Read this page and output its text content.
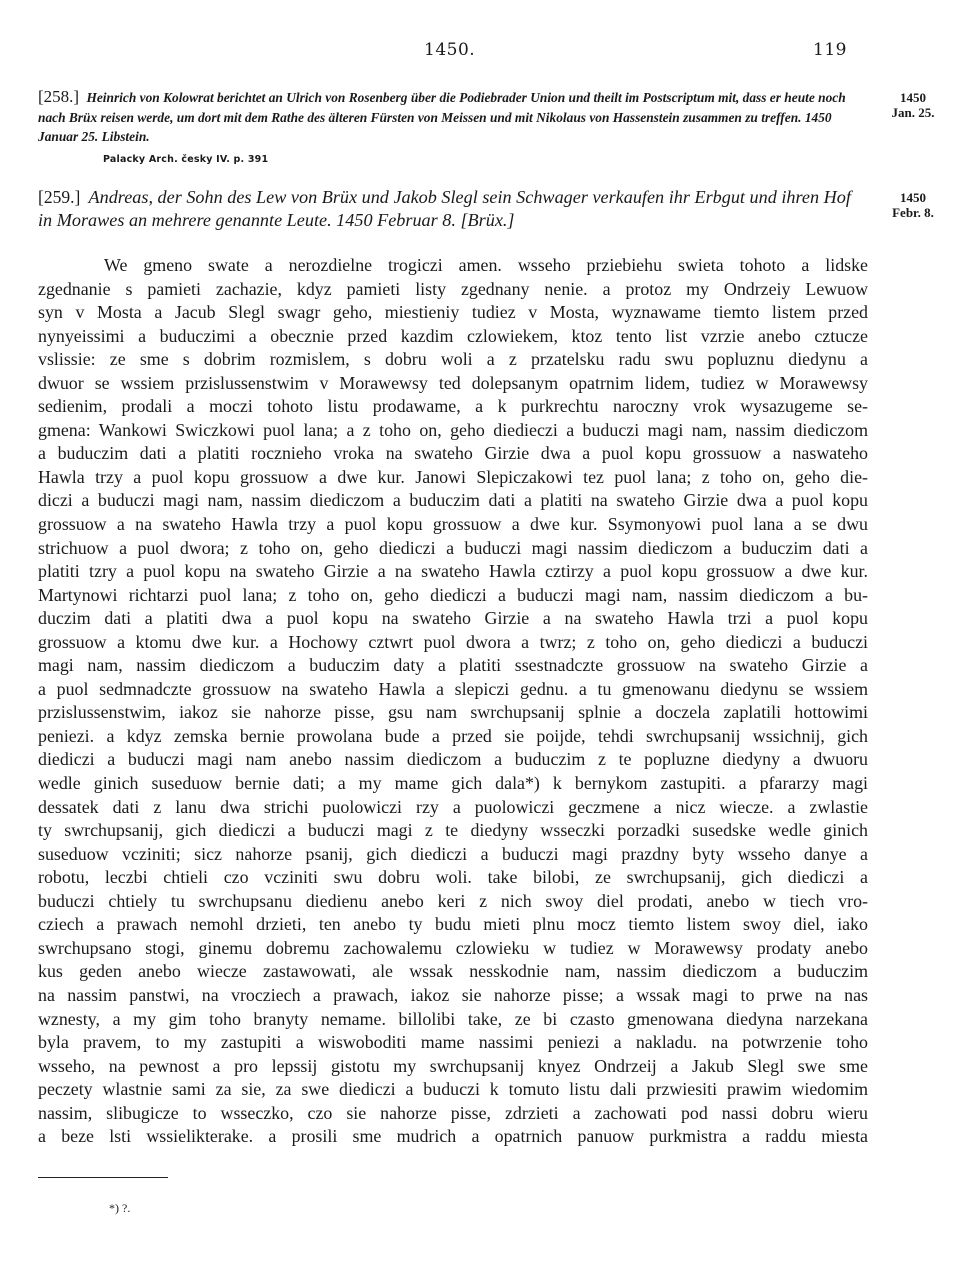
1450.	119
[258.] Heinrich von Kolowrat berichtet an Ulrich von Rosenberg über die Podiebrader Union und theilt im Postscriptum mit, dass er heute noch nach Brüx reisen werde, um dort mit dem Rathe des älteren Fürsten von Meissen und mit Nikolaus von Hassenstein zusammen zu treffen. 1450 Januar 25. Libstein.
Palacky Arch. česky IV. p. 391
1450
Jan. 25.
[259.] Andreas, der Sohn des Lew von Brüx und Jakob Slegl sein Schwager verkaufen ihr Erbgut und ihren Hof in Morawes an mehrere genannte Leute. 1450 Februar 8. [Brüx.]
1450
Febr. 8.
We gmeno swate a nerozdielne trogiczi amen. wsseho prziebiehu swieta tohoto a lidske
zgednanie s pamieti zachazie, kdyz pamieti listy zgednany nenie. a protoz my Ondrzeiy Lewuow
syn v Mosta a Jacub Slegl swagr geho, miestieniy tudiez v Mosta, wyznawame tiemto listem przed
nynyeissimi a buduczimi a obecznie przed kazdim czlowiekem, ktoz tento list vzrzie anebo cztucze
vslissie: ze sme s dobrim rozmislem, s dobru woli a z przatelsku radu swu popluznu diedynu a
dwuor se wssiem przislussenstwim v Morawewsy ted dolepsanym opatrnim lidem, tudiez w Morawewsy
sedienim, prodali a moczi tohoto listu prodawame, a k purkrechtu naroczny vrok wysazugeme se-
gmena: Wankowi Swiczkowi puol lana; a z toho on, geho diedieczi a buduczi magi nam, nassim diediczom
a buduczim dati a platiti rocznieho vroka na swateho Girzie dwa a puol kopu grossuow a naswateho
Hawla trzy a puol kopu grossuow a dwe kur. Janowi Slepiczakowi tez puol lana; z toho on, geho die-
diczi a buduczi magi nam, nassim diediczom a buduczim dati a platiti na swateho Girzie dwa a puol kopu
grossuow a na swateho Hawla trzy a puol kopu grossuow a dwe kur. Ssymonyowi puol lana a se dwu
strichuow a puol dwora; z toho on, geho diediczi a buduczi magi nassim diediczom a buduczim dati a
platiti tzry a puol kopu na swateho Girzie a na swateho Hawla cztirzy a puol kopu grossuow a dwe kur.
Martynowi richtarzi puol lana; z toho on, geho diediczi a buduczi magi nam, nassim diediczom a bu-
duczim dati a platiti dwa a puol kopu na swateho Girzie a na swateho Hawla trzi a puol kopu
grossuow a ktomu dwe kur. a Hochowy cztwrt puol dwora a twrz; z toho on, geho diediczi a buduczi
magi nam, nassim diediczom a buduczim daty a platiti ssestnadczte grossuow na swateho Girzie a
a puol sedmnadczte grossuow na swateho Hawla a slepiczi gednu. a tu gmenowanu diedynu se wssiem
przislussenstwim, iakoz sie nahorze pisse, gsu nam swrchupsanij splnie a doczela zaplatili hottowimi
peniezi. a kdyz zemska bernie prowolana bude a przed sie poijde, tehdi swrchupsanij wssichnij, gich
diediczi a buduczi magi nam anebo nassim diediczom a buduczim z te popluzne diedyny a dwuoru
wedle ginich suseduow bernie dati; a my mame gich dala*) k bernykom zastupiti. a pfararzy magi
dessatek dati z lanu dwa strichi puolowiczi rzy a puolowiczi geczmene a nicz wiecze. a zwlastie
ty swrchupsanij, gich diediczi a buduczi magi z te diedyny wsseczki porzadki susedske wedle ginich
suseduow vcziniti; sicz nahorze psanij, gich diediczi a buduczi magi prazdny byty wsseho danye a
robotu, leczbi chtieli czo vcziniti swu dobru woli. take bilobi, ze swrchupsanij, gich diediczi a
buduczi chtiely tu swrchupsanu diedienu anebo keri z nich swoy diel prodati, anebo w tiech vro-
cziech a prawach nemohl drzieti, ten anebo ty budu mieti plnu mocz tiemto listem swoy diel, iako
swrchupsano stogi, ginemu dobremu zachowalemu czlowieku w tudiez w Morawewsy prodaty anebo
kus geden anebo wiecze zastawowati, ale wssak nesskodnie nam, nassim diediczom a buduczim
na nassim panstwi, na vrocziech a prawach, iakoz sie nahorze pisse; a wssak magi to prwe na nas
wznesty, a my gim toho branyty nemame. billolibi take, ze bi czasto gmenowana diedyna narzekana
byla pravem, to my zastupiti a wiswoboditi mame nassimi peniezi a nakladu. na potwrzenie toho
wsseho, na pewnost a pro lepssij gistotu my swrchupsanij knyez Ondrzeij a Jakub Slegl swe sme
peczety wlastnie sami za sie, za swe diediczi a buduczi k tomuto listu dali przwiesiti prawim wiedomim
nassim, slibugicze to wsseczko, czo sie nahorze pisse, zdrzieti a zachowati pod nassi dobru wieru
a beze lsti wssielikterake. a prosili sme mudrich a opatrnich panuow purkmistra a raddu miesta
*) ?.
